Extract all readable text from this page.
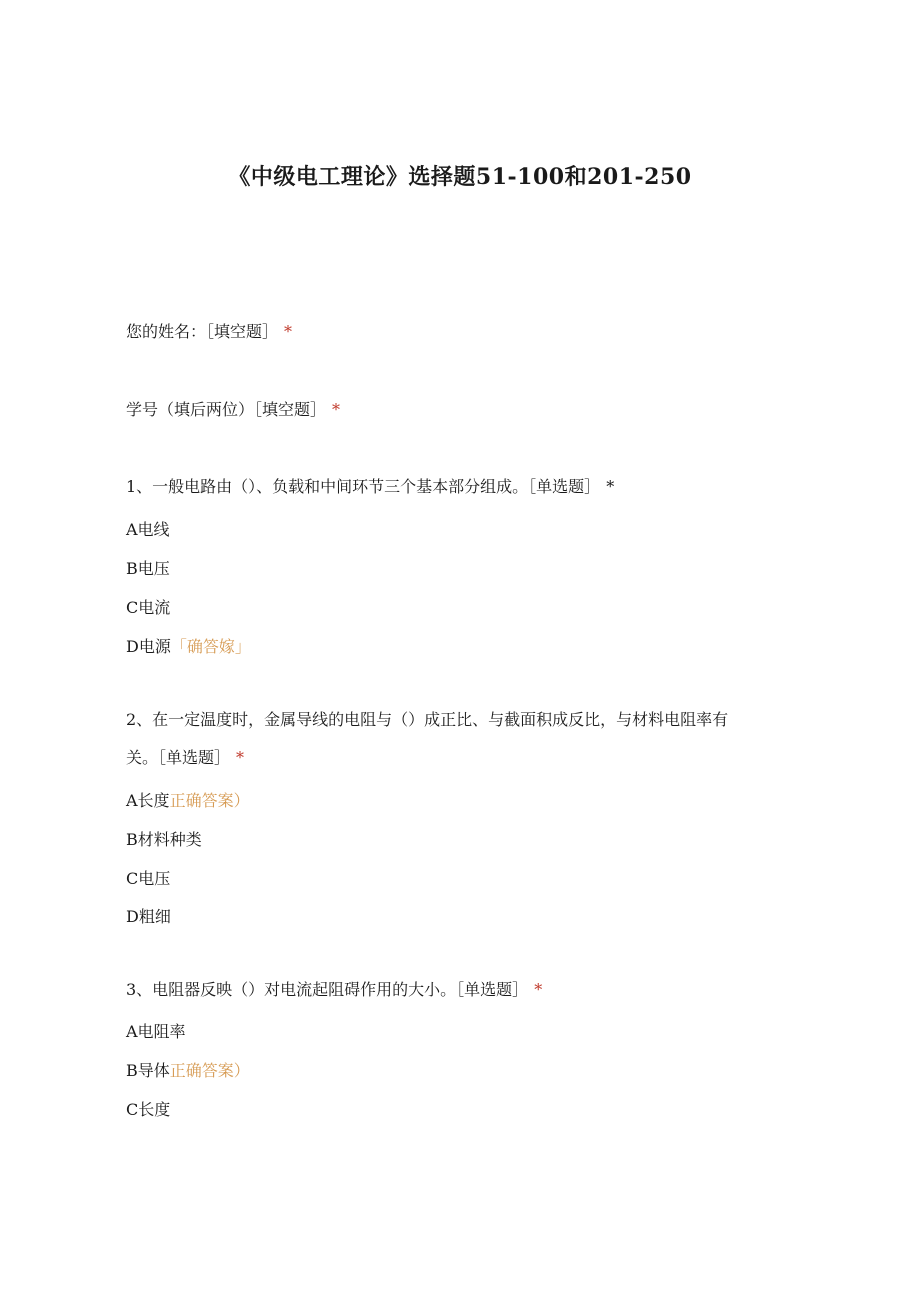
《中级电工理论》选择题51-100和201-250
您的姓名：［填空题］ *
学号（填后两位）［填空题］ *
1、一般电路由（）、负载和中间环节三个基本部分组成。［单选题］ *
A电线
B电压
C电流
D电源「确答嫁」
2、在一定温度时，金属导线的电阻与（）成正比、与截面积成反比，与材料电阻率有
关。［单选题］ *
A长度正确答案）
B材料种类
C电压
D粗细
3、电阻器反映（）对电流起阻碍作用的大小。［单选题］ *
A电阻率
B导体正确答案）
C长度
